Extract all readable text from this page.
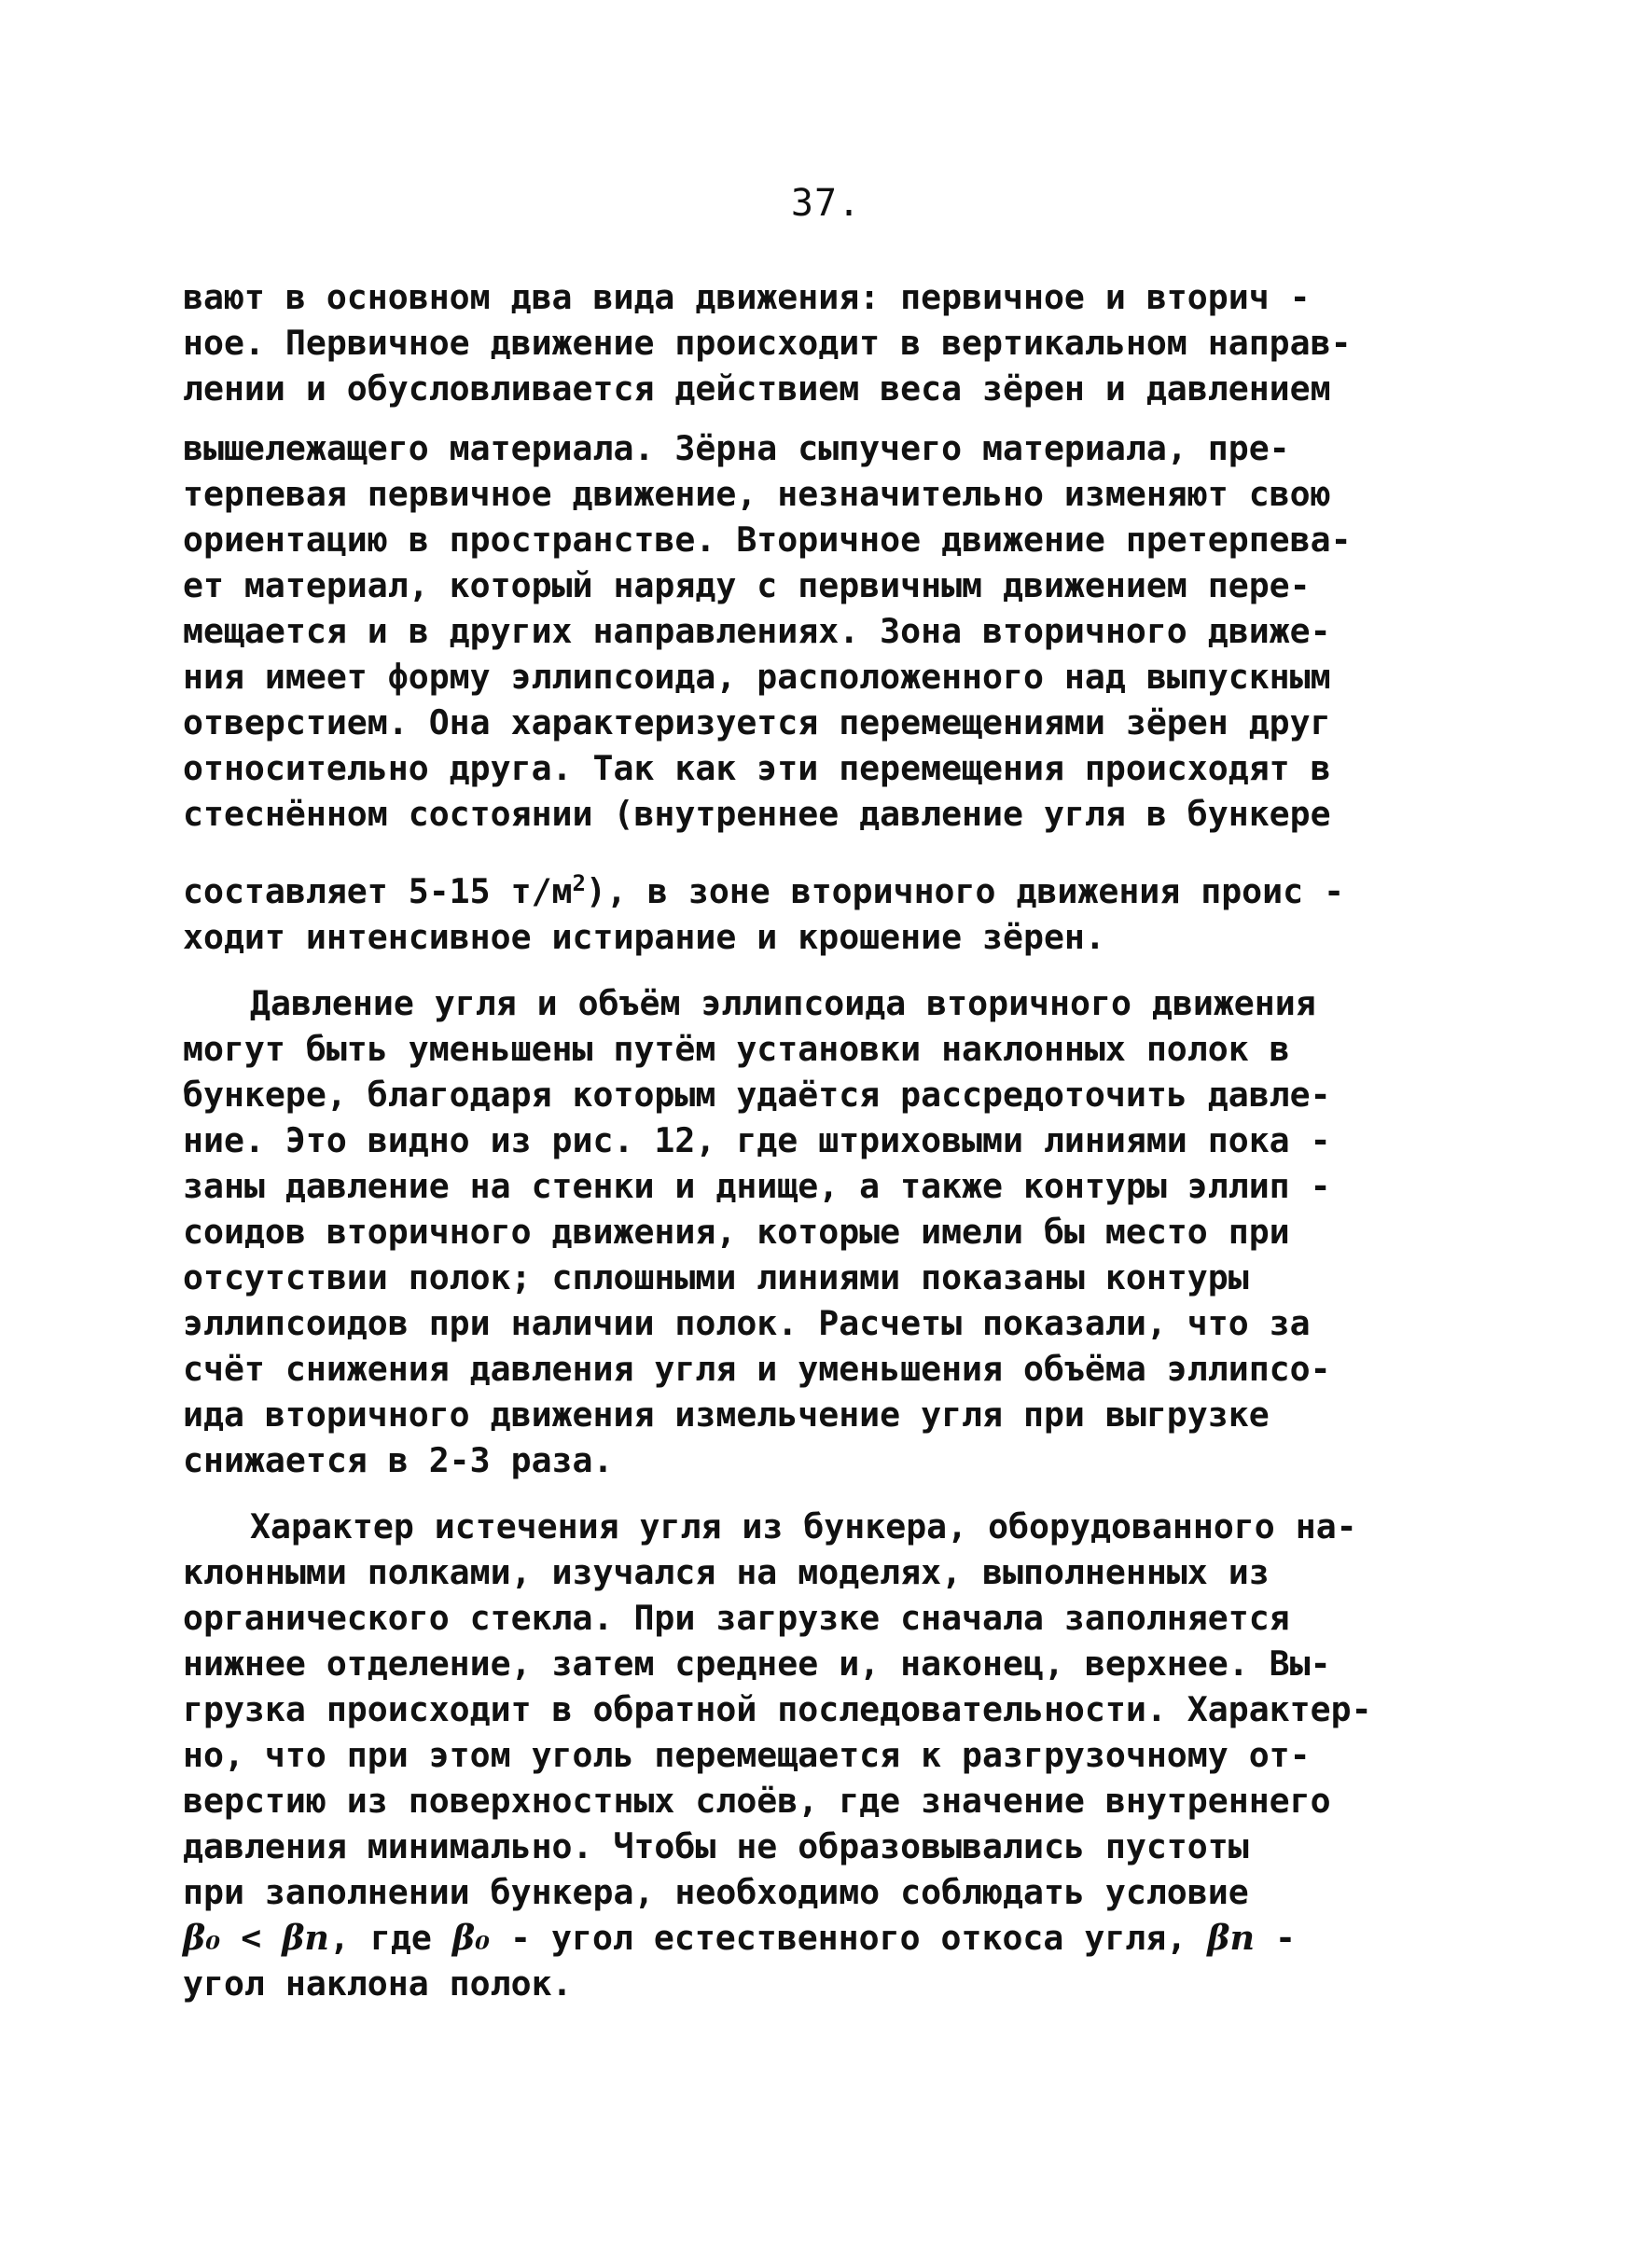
37.
вают в основном два вида движения: первичное и вторич -
ное. Первичное движение происходит в вертикальном направ-
лении и обусловливается действием веса зёрен и давлением
вышележащего материала. Зёрна сыпучего материала, пре-
терпевая первичное движение, незначительно изменяют свою
ориентацию в пространстве. Вторичное движение претерпева-
ет материал, который наряду с первичным движением пере-
мещается и в других направлениях. Зона вторичного движе-
ния имеет форму эллипсоида, расположенного над выпускным
отверстием. Она характеризуется перемещениями зёрен друг
относительно друга. Так как эти перемещения происходят в
стеснённом состоянии (внутреннее давление угля в бункере
составляет 5-15 $т/м^2$), в зоне вторичного движения проис -
ходит интенсивное истирание и крошение зёрен.
Давление угля и объём эллипсоида вторичного движения
могут быть уменьшены путём установки наклонных полок в
бункере, благодаря которым удаётся рассредоточить давле-
ние. Это видно из рис. 12, где штриховыми линиями пока -
заны давление на стенки и днище, а также контуры эллип -
соидов вторичного движения, которые имели бы место при
отсутствии полок; сплошными линиями показаны контуры
эллипсоидов при наличии полок. Расчеты показали, что за
счёт снижения давления угля и уменьшения объёма эллипсо-
ида вторичного движения измельчение угля при выгрузке
снижается в 2-3 раза.
Характер истечения угля из бункера, оборудованного на-
клонными полками, изучался на моделях, выполненных из
органического стекла. При загрузке сначала заполняется
нижнее отделение, затем среднее и, наконец, верхнее. Вы-
грузка происходит в обратной последовательности. Характер-
но, что при этом уголь перемещается к разгрузочному от-
верстию из поверхностных слоёв, где значение внутреннего
давления минимально. Чтобы не образовывались пустоты
при заполнении бункера, необходимо соблюдать условие
β₀ < βп, где β₀ - угол естественного откоса угля, βп -
угол наклона полок.
